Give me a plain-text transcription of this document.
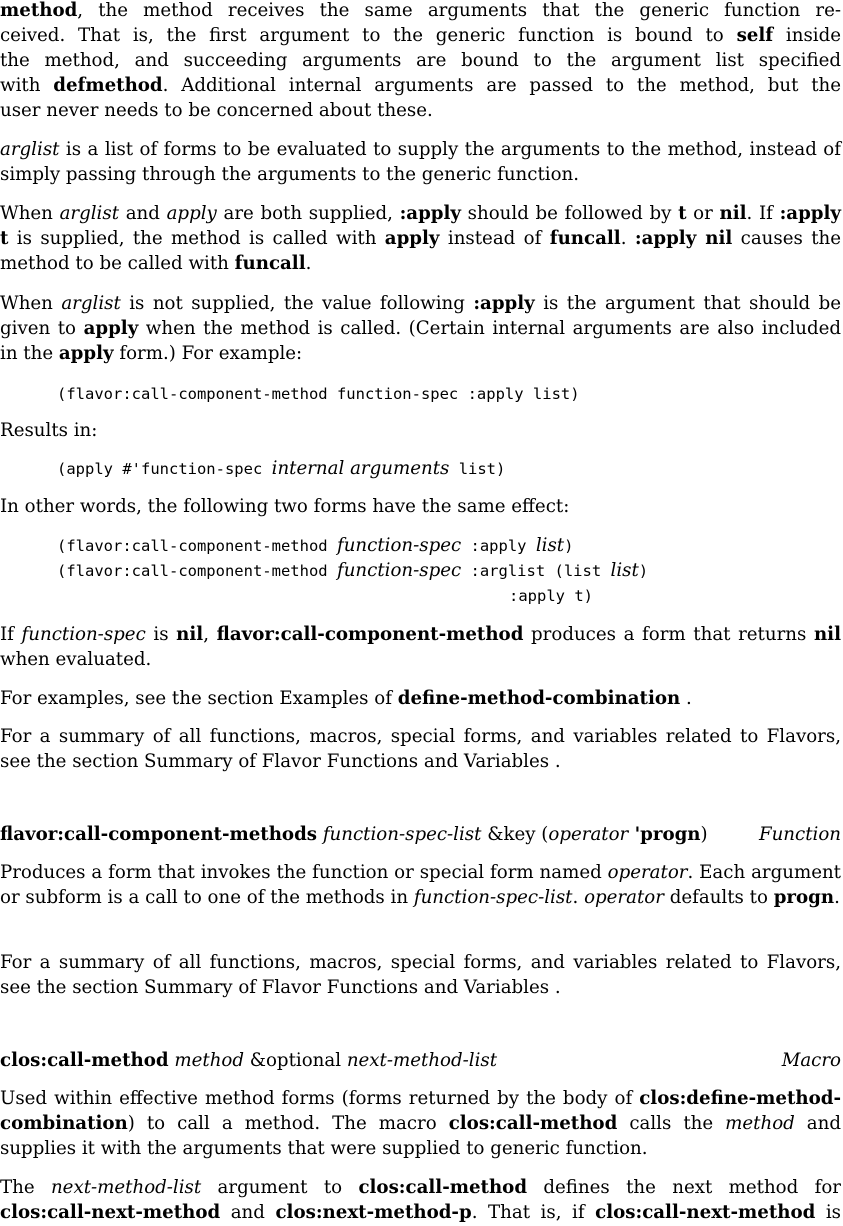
method, the method receives the same arguments that the generic function re-

ceived. That is, the first argument to the generic function is bound to self inside

the method, and succeeding arguments are bound to the argument list specified

with defmethod. Additional internal arguments are passed to the method, but the

user never needs to be concerned about these.

arglist is a list of forms to be evaluated to supply the arguments to the method, instead of simply passing through the arguments to the generic function.

When arglist and apply are both supplied, :apply should be followed by t or nil. If :apply t is supplied, the method is called with apply instead of funcall. :apply nil causes the method to be called with funcall.

When arglist is not supplied, the value following :apply is the argument that should be given to apply when the method is called. (Certain internal arguments are also included in the apply form.) For example:

(flavor:call-component-method function-spec :apply list)

Results in:

(apply #'function-spec internal arguments list)

In other words, the following two forms have the same effect:

(flavor:call-component-method function-spec :apply list)
(flavor:call-component-method function-spec :arglist (list list)
:apply t)

If function-spec is nil, flavor:call-component-method produces a form that returns nil when evaluated.

For examples, see the section Examples of define-method-combination .

For a summary of all functions, macros, special forms, and variables related to Flavors, see the section Summary of Flavor Functions and Variables .

flavor:call-component-methods function-spec-list &key (operator 'progn)	Function

Produces a form that invokes the function or special form named operator. Each argument or subform is a call to one of the methods in function-spec-list. operator defaults to progn.

For a summary of all functions, macros, special forms, and variables related to Flavors, see the section Summary of Flavor Functions and Variables .

clos:call-method method &optional next-method-list	Macro

Used within effective method forms (forms returned by the body of clos:define-method-combination) to call a method. The macro clos:call-method calls the method and supplies it with the arguments that were supplied to generic function.

The next-method-list argument to clos:call-method defines the next method for clos:call-next-method and clos:next-method-p. That is, if clos:call-next-method is
